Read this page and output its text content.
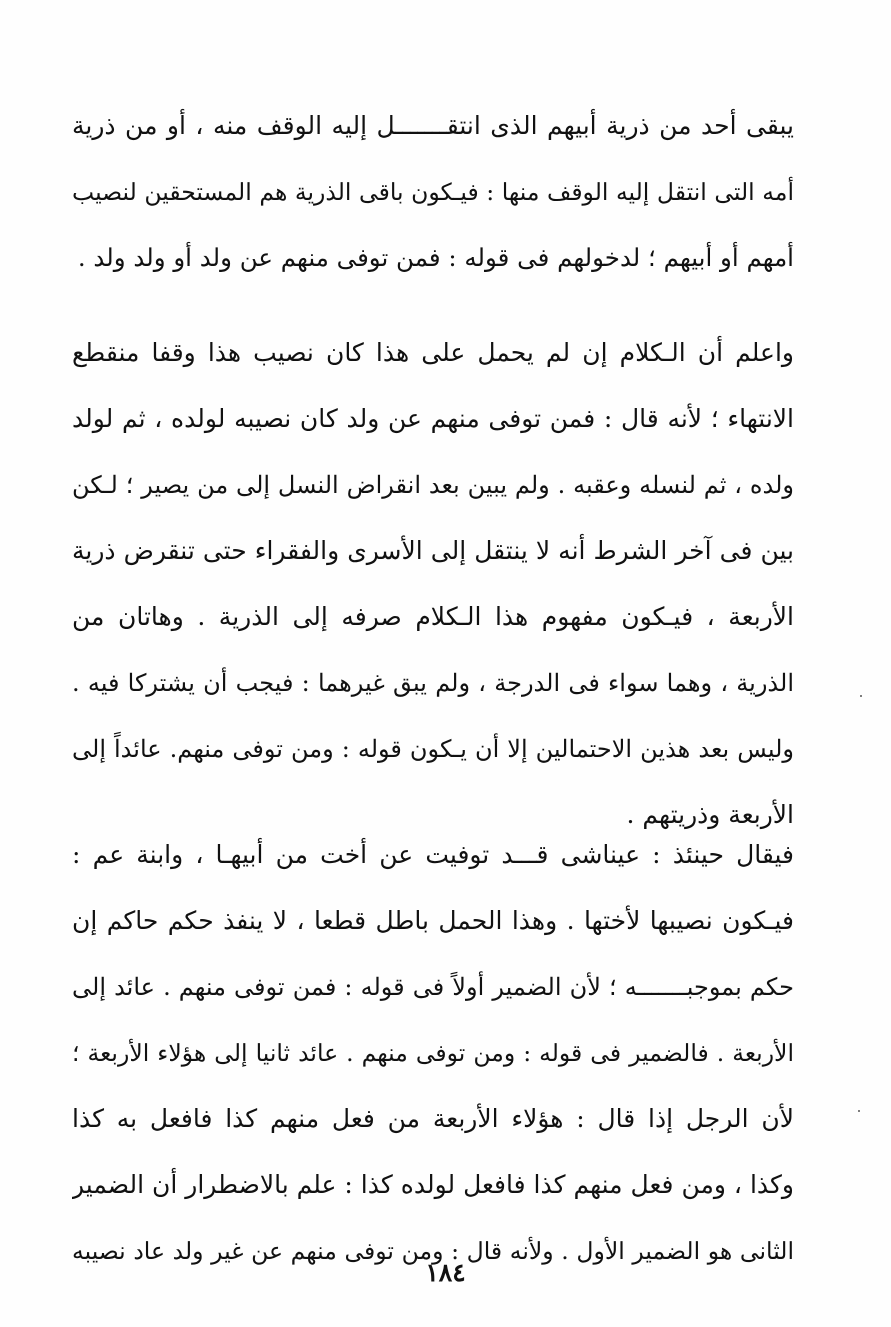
يبقى أحد من ذرية أبيهم الذى انتقـــــــل إليه الوقف منه ، أو من ذرية
أمه التى انتقل إليه الوقف منها : فيـكون باقى الذرية هم المستحقين لنصيب
أمهم أو أبيهم ؛ لدخولهم فى قوله : فمن توفى منهم عن ولد أو ولد ولد .
واعلم أن الـكلام إن لم يحمل على هذا كان نصيب هذا وقفا منقطع
الانتهاء ؛ لأنه قال : فمن توفى منهم عن ولد كان نصيبه لولده ، ثم لولد
ولده ، ثم لنسله وعقبه . ولم يبين بعد انقراض النسل إلى من يصير ؛ لـكن
بين فى آخر الشرط أنه لا ينتقل إلى الأسرى والفقراء حتى تنقرض ذرية
الأربعة ، فيـكون مفهوم هذا الـكلام صرفه إلى الذرية . وهاتان من
الذرية ، وهما سواء فى الدرجة ، ولم يبق غيرهما : فيجب أن يشتركا فيه .
وليس بعد هذين الاحتمالين إلا أن يـكون قوله : ومن توفى منهم. عائداً إلى
الأربعة وذريتهم .
فيقال حينئذ : عيناشى قـــد توفيت عن أخت من أبيهـا ، وابنة عم :
فيـكون نصيبها لأختها . وهذا الحمل باطل قطعا ، لا ينفذ حكم حاكم إن
حكم بموجبـــــــه ؛ لأن الضمير أولاً فى قوله : فمن توفى منهم . عائد إلى
الأربعة . فالضمير فى قوله : ومن توفى منهم . عائد ثانيا إلى هؤلاء الأربعة ؛
لأن الرجل إذا قال : هؤلاء الأربعة من فعل منهم كذا فافعل به كذا
وكذا ، ومن فعل منهم كذا فافعل لولده كذا : علم بالاضطرار أن الضمير
الثانى هو الضمير الأول . ولأنه قال : ومن توفى منهم عن غير ولد عاد نصيبه
١٨٤
